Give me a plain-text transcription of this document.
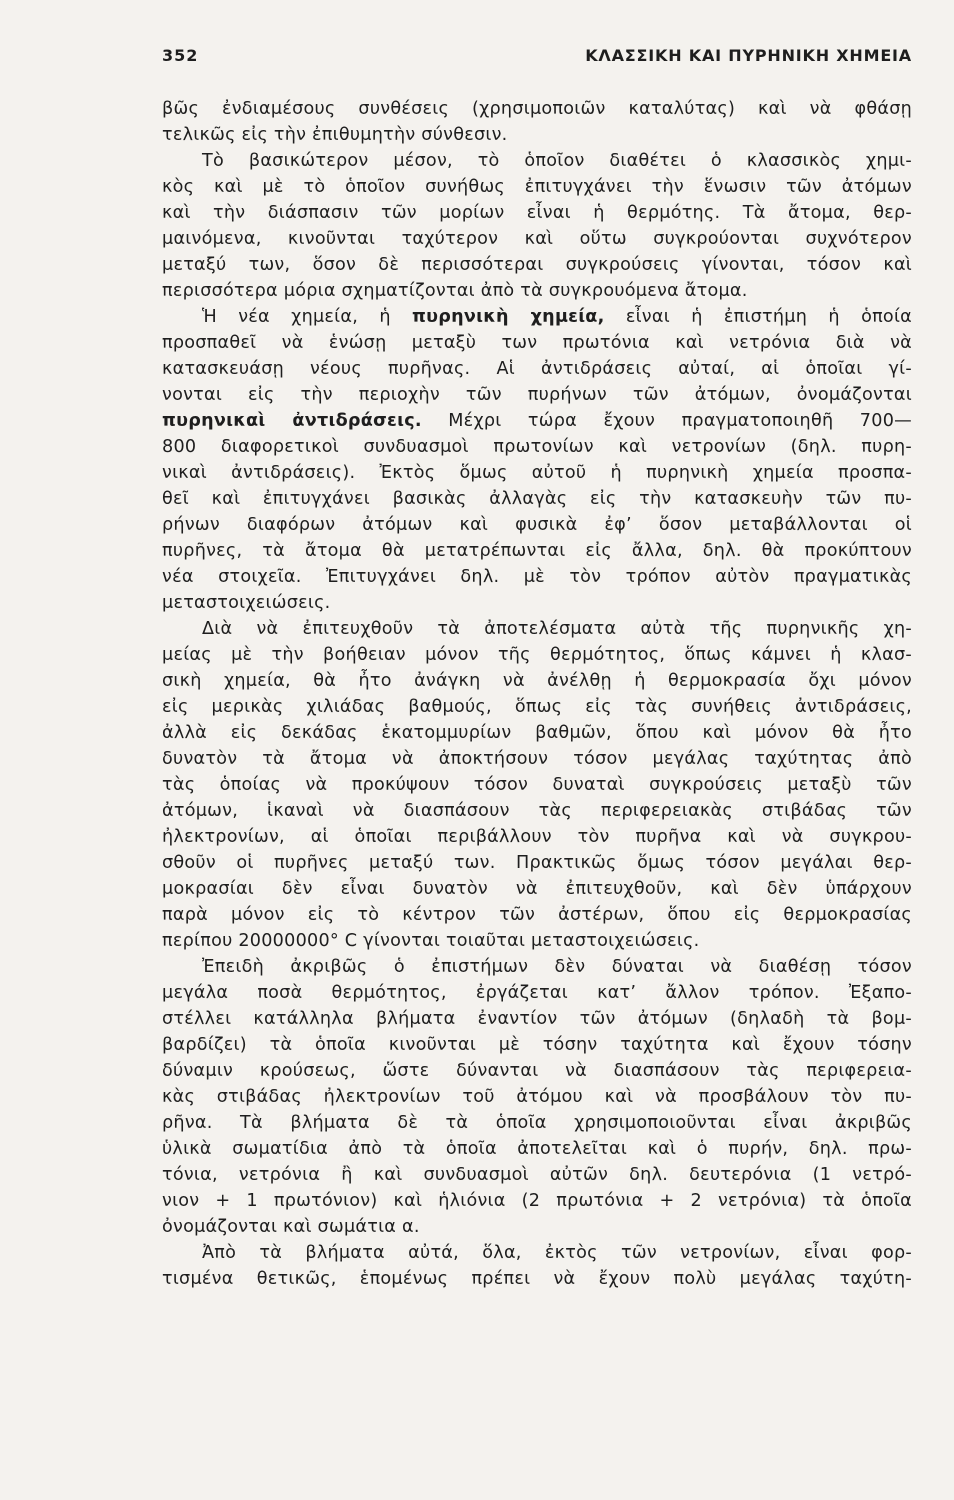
352	ΚΛΑΣΣΙΚΗ ΚΑΙ ΠΥΡΗΝΙΚΗ ΧΗΜΕΙΑ
βῶς ἐνδιαμέσους συνθέσεις (χρησιμοποιῶν καταλύτας) καὶ νὰ φθάσῃ
τελικῶς εἰς τὴν ἐπιθυμητὴν σύνθεσιν.
Τὸ βασικώτερον μέσον, τὸ ὁποῖον διαθέτει ὁ κλασσικὸς χημι-
κὸς καὶ μὲ τὸ ὁποῖον συνήθως ἐπιτυγχάνει τὴν ἕνωσιν τῶν ἀτόμων
καὶ τὴν διάσπασιν τῶν μορίων εἶναι ἡ θερμότης. Τὰ ἄτομα, θερ-
μαινόμενα, κινοῦνται ταχύτερον καὶ οὕτω συγκρούονται συχνότερον
μεταξύ των, ὅσον δὲ περισσότεραι συγκρούσεις γίνονται, τόσον καὶ
περισσότερα μόρια σχηματίζονται ἀπὸ τὰ συγκρουόμενα ἄτομα.
Ἡ νέα χημεία, ἡ πυρηνικὴ χημεία, εἶναι ἡ ἐπιστήμη ἡ ὁποία
προσπαθεῖ νὰ ἑνώσῃ μεταξὺ των πρωτόνια καὶ νετρόνια διὰ νὰ
κατασκευάσῃ νέους πυρῆνας. Αἱ ἀντιδράσεις αὐταί, αἱ ὁποῖαι γί-
νονται εἰς τὴν περιοχὴν τῶν πυρήνων τῶν ἀτόμων, ὀνομάζονται
πυρηνικαὶ ἀντιδράσεις. Μέχρι τώρα ἔχουν πραγματοποιηθῆ 700—
800 διαφορετικοὶ συνδυασμοὶ πρωτονίων καὶ νετρονίων (δηλ. πυρη-
νικαὶ ἀντιδράσεις). Ἐκτὸς ὅμως αὐτοῦ ἡ πυρηνικὴ χημεία προσπα-
θεῖ καὶ ἐπιτυγχάνει βασικὰς ἀλλαγὰς εἰς τὴν κατασκευὴν τῶν πυ-
ρήνων διαφόρων ἀτόμων καὶ φυσικὰ ἐφ’ ὅσον μεταβάλλονται οἱ
πυρῆνες, τὰ ἄτομα θὰ μετατρέπωνται εἰς ἄλλα, δηλ. θὰ προκύπτουν
νέα στοιχεῖα. Ἐπιτυγχάνει δηλ. μὲ τὸν τρόπον αὐτὸν πραγματικὰς
μεταστοιχειώσεις.
Διὰ νὰ ἐπιτευχθοῦν τὰ ἀποτελέσματα αὐτὰ τῆς πυρηνικῆς χη-
μείας μὲ τὴν βοήθειαν μόνον τῆς θερμότητος, ὅπως κάμνει ἡ κλασ-
σικὴ χημεία, θὰ ἦτο ἀνάγκη νὰ ἀνέλθῃ ἡ θερμοκρασία ὄχι μόνον
εἰς μερικὰς χιλιάδας βαθμούς, ὅπως εἰς τὰς συνήθεις ἀντιδράσεις,
ἀλλὰ εἰς δεκάδας ἑκατομμυρίων βαθμῶν, ὅπου καὶ μόνον θὰ ἦτο
δυνατὸν τὰ ἄτομα νὰ ἀποκτήσουν τόσον μεγάλας ταχύτητας ἀπὸ
τὰς ὁποίας νὰ προκύψουν τόσον δυναταὶ συγκρούσεις μεταξὺ τῶν
ἀτόμων, ἱκαναὶ νὰ διασπάσουν τὰς περιφερειακὰς στιβάδας τῶν
ἠλεκτρονίων, αἱ ὁποῖαι περιβάλλουν τὸν πυρῆνα καὶ νὰ συγκρου-
σθοῦν οἱ πυρῆνες μεταξύ των. Πρακτικῶς ὅμως τόσον μεγάλαι θερ-
μοκρασίαι δὲν εἶναι δυνατὸν νὰ ἐπιτευχθοῦν, καὶ δὲν ὑπάρχουν
παρὰ μόνον εἰς τὸ κέντρον τῶν ἀστέρων, ὅπου εἰς θερμοκρασίας
περίπου 20000000° C γίνονται τοιαῦται μεταστοιχειώσεις.
Ἐπειδὴ ἀκριβῶς ὁ ἐπιστήμων δὲν δύναται νὰ διαθέσῃ τόσον
μεγάλα ποσὰ θερμότητος, ἐργάζεται κατ’ ἄλλον τρόπον. Ἐξαπο-
στέλλει κατάλληλα βλήματα ἐναντίον τῶν ἀτόμων (δηλαδὴ τὰ βομ-
βαρδίζει) τὰ ὁποῖα κινοῦνται μὲ τόσην ταχύτητα καὶ ἔχουν τόσην
δύναμιν κρούσεως, ὥστε δύνανται νὰ διασπάσουν τὰς περιφερεια-
κὰς στιβάδας ἠλεκτρονίων τοῦ ἀτόμου καὶ νὰ προσβάλουν τὸν πυ-
ρῆνα. Τὰ βλήματα δὲ τὰ ὁποῖα χρησιμοποιοῦνται εἶναι ἀκριβῶς
ὑλικὰ σωματίδια ἀπὸ τὰ ὁποῖα ἀποτελεῖται καὶ ὁ πυρήν, δηλ. πρω-
τόνια, νετρόνια ἢ καὶ συνδυασμοὶ αὐτῶν δηλ. δευτερόνια (1 νετρό-
νιον + 1 πρωτόνιον) καὶ ἡλιόνια (2 πρωτόνια + 2 νετρόνια) τὰ ὁποῖα
ὀνομάζονται καὶ σωμάτια α.
Ἀπὸ τὰ βλήματα αὐτά, ὅλα, ἐκτὸς τῶν νετρονίων, εἶναι φορ-
τισμένα θετικῶς, ἑπομένως πρέπει νὰ ἔχουν πολὺ μεγάλας ταχύτη-
